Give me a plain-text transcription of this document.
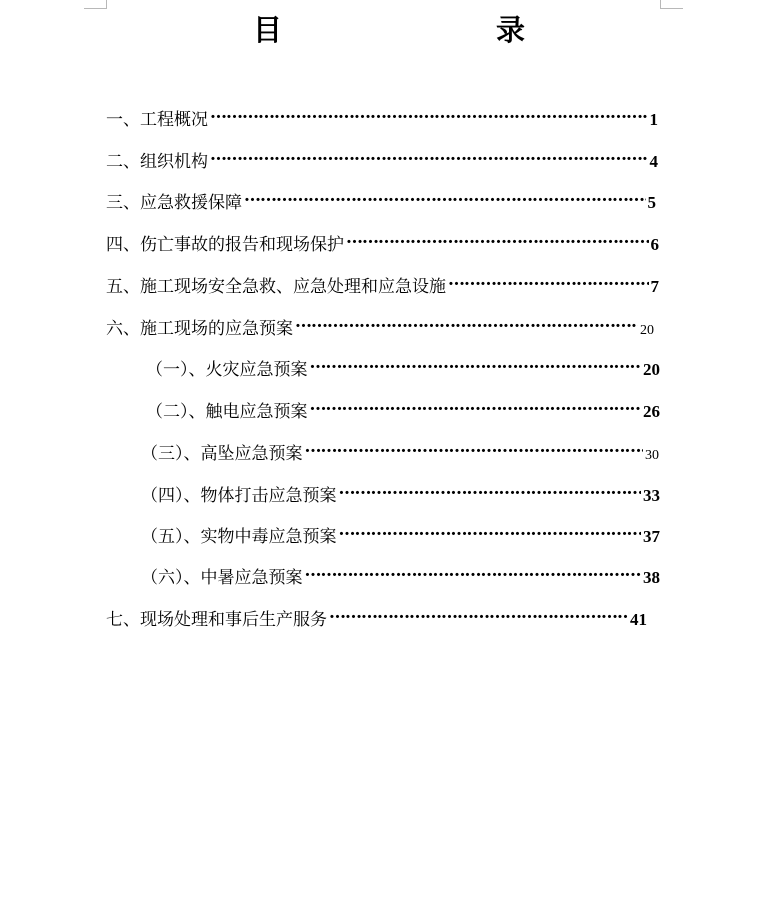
目　　录
一、工程概况 ……………………………………………………………………………………………………………………………………………………………………………………………………………………………………………………………………………………………………	1
二、组织机构 ……………………………………………………………………………………………………………………………………………………………………………………………………………………………………………………………………………………………………	4
三、应急救援保障 ……………………………………………………………………………………………………………………………………………………………………………………………………………………………………………………………………………………………………	5
四、伤亡事故的报告和现场保护 ……………………………………………………………………………………………………………………………………………………………………………………………………………………………………………………………………………………………………	6
五、施工现场安全急救、应急处理和应急设施 ……………………………………………………………………………………………………………………………………………………………………………………………………………………………………………………………………………………………………	7
六、施工现场的应急预案 ……………………………………………………………………………………………………………………………………………………………………………………………………………………………………………………………………………………………………	20
（一）、火灾应急预案 ……………………………………………………………………………………………………………………………………………………………………………………………………………………………………………………………………………………………………	20
（二）、触电应急预案 ……………………………………………………………………………………………………………………………………………………………………………………………………………………………………………………………………………………………………	26
（三）、高坠应急预案 ……………………………………………………………………………………………………………………………………………………………………………………………………………………………………………………………………………………………………	30
（四）、物体打击应急预案 ……………………………………………………………………………………………………………………………………………………………………………………………………………………………………………………………………………………………………	33
（五）、实物中毒应急预案 ……………………………………………………………………………………………………………………………………………………………………………………………………………………………………………………………………………………………………	37
（六）、中暑应急预案 ……………………………………………………………………………………………………………………………………………………………………………………………………………………………………………………………………………………………………	38
七、现场处理和事后生产服务 ……………………………………………………………………………………………………………………………………………………………………………………………………………………………………………………………………………………………………	41
